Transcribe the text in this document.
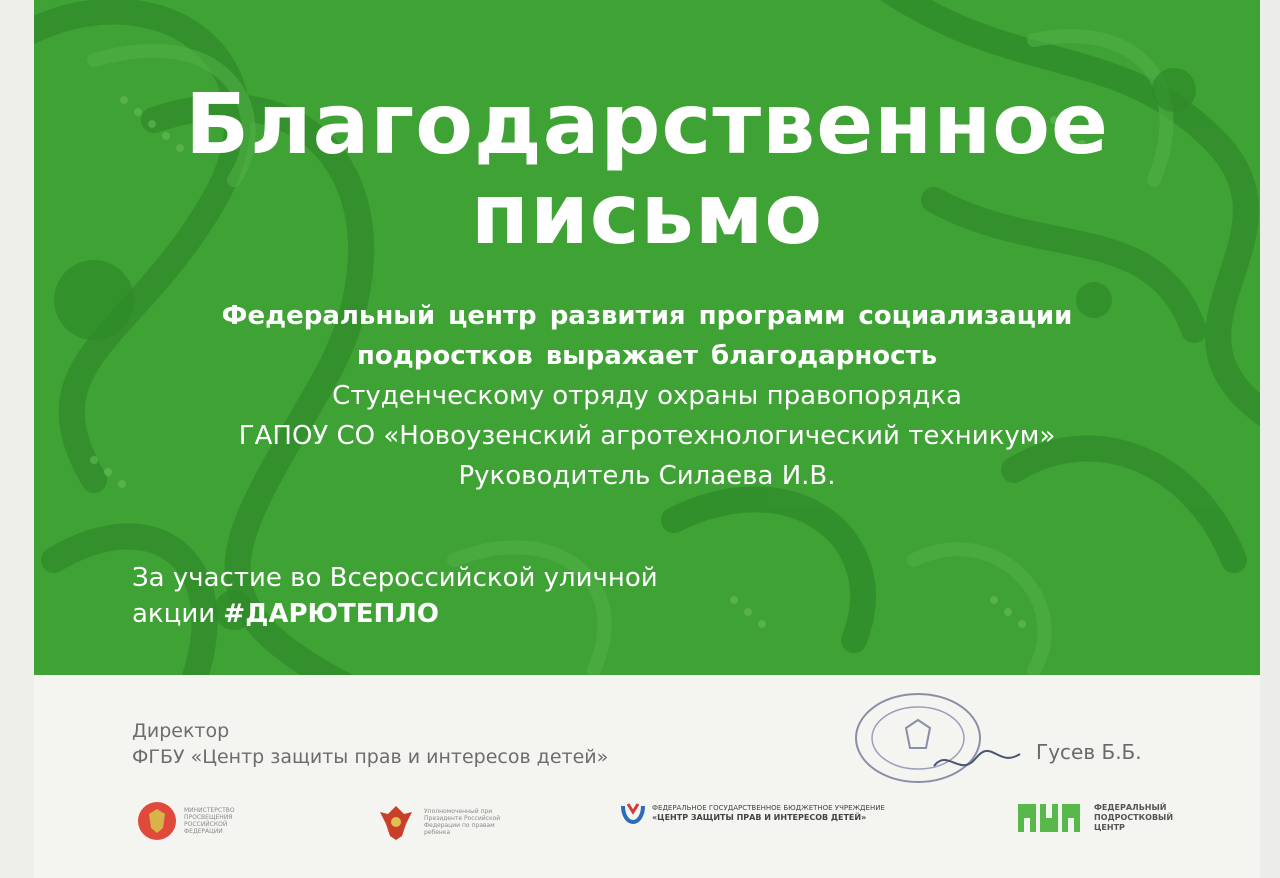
Благодарственное
письмо
Федеральный центр развития программ социализации
подростков выражает благодарность
Студенческому отряду охраны правопорядка
ГАПОУ СО «Новоузенский агротехнологический техникум»
Руководитель Силаева И.В.
За участие во Всероссийской уличной
акции #ДАРЮТЕПЛО
Директор
ФГБУ «Центр защиты прав и интересов детей»	Гусев Б.Б.
МИНИСТЕРСТВО
ПРОСВЕЩЕНИЯ
РОССИЙСКОЙ
ФЕДЕРАЦИИ
Уполномоченный при
Президенте Российской
Федерации по правам
ребенка
ФЕДЕРАЛЬНОЕ ГОСУДАРСТВЕННОЕ БЮДЖЕТНОЕ УЧРЕЖДЕНИЕ
«ЦЕНТР ЗАЩИТЫ ПРАВ И ИНТЕРЕСОВ ДЕТЕЙ»
ФЕДЕРАЛЬНЫЙ
ПОДРОСТКОВЫЙ
ЦЕНТР
